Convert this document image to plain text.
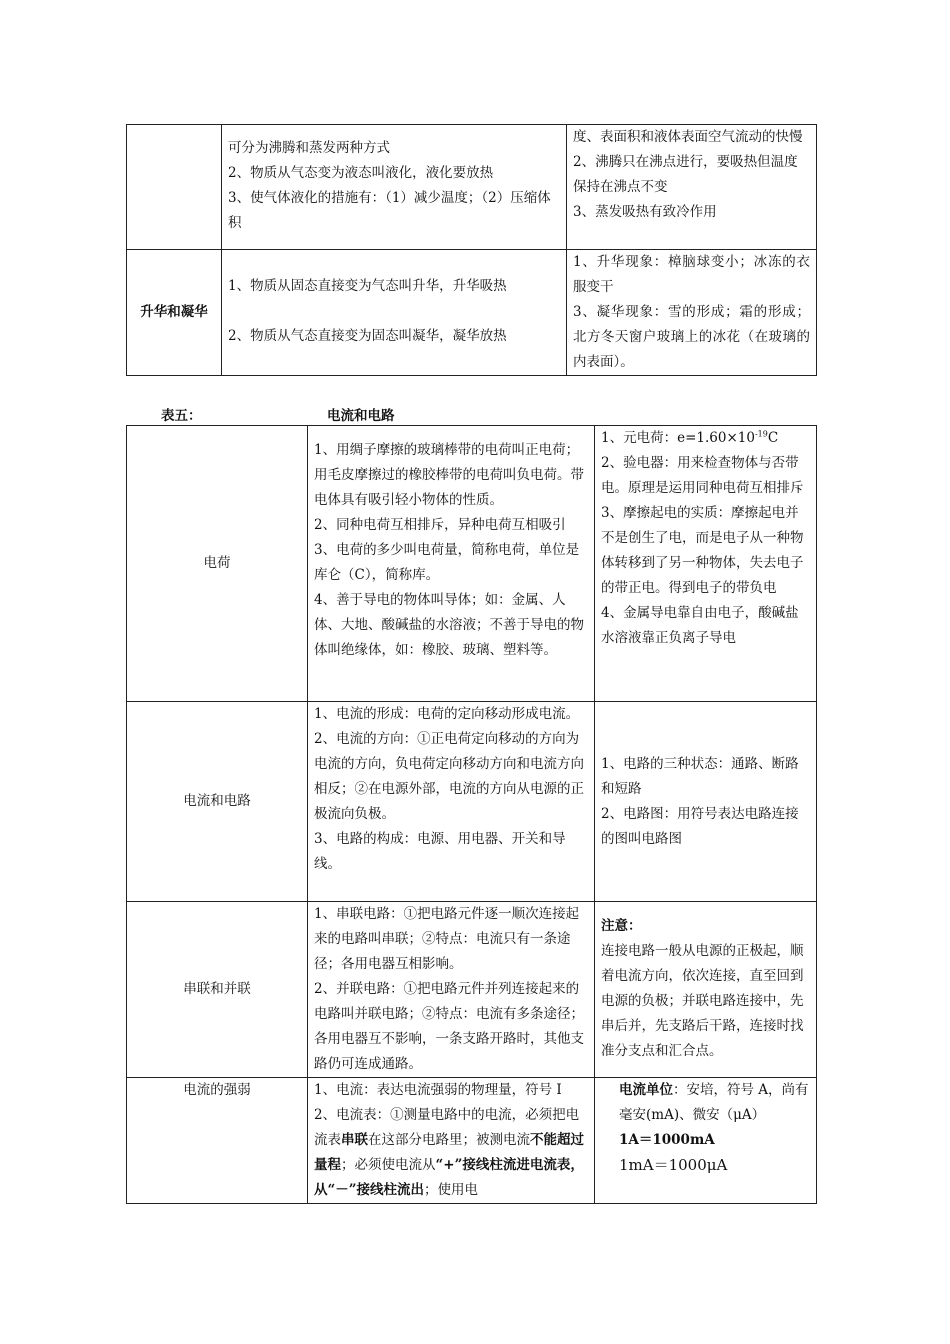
	可分为沸腾和蒸发两种方式
2、物质从气态变为液态叫液化，液化要放热
3、使气体液化的措施有：（1）减少温度；（2）压缩体积	度、表面积和液体表面空气流动的快慢
2、沸腾只在沸点进行，要吸热但温度保持在沸点不变
3、蒸发吸热有致冷作用

升华和凝华	1、物质从固态直接变为气态叫升华，升华吸热
2、物质从气态直接变为固态叫凝华，凝华放热	1、升华现象：樟脑球变小；冰冻的衣服变干
3、凝华现象：雪的形成；霜的形成；北方冬天窗户玻璃上的冰花（在玻璃的内表面）。
表五：	电流和电路
电荷	1、用绸子摩擦的玻璃棒带的电荷叫正电荷；用毛皮摩擦过的橡胶棒带的电荷叫负电荷。带电体具有吸引轻小物体的性质。
2、同种电荷互相排斥，异种电荷互相吸引
3、电荷的多少叫电荷量，简称电荷，单位是库仑（C），简称库。
4、善于导电的物体叫导体；如：金属、人体、大地、酸碱盐的水溶液；不善于导电的物体叫绝缘体，如：橡胶、玻璃、塑料等。	1、元电荷：$e=1.60\times 10^{-19}C$
2、验电器：用来检查物体与否带电。原理是运用同种电荷互相排斥
3、摩擦起电的实质：摩擦起电并不是创生了电，而是电子从一种物体转移到了另一种物体，失去电子的带正电。得到电子的带负电
4、金属导电靠自由电子，酸碱盐水溶液靠正负离子导电

电流和电路	1、电流的形成：电荷的定向移动形成电流。
2、电流的方向：①正电荷定向移动的方向为电流的方向，负电荷定向移动方向和电流方向相反；②在电源外部，电流的方向从电源的正极流向负极。
3、电路的构成：电源、用电器、开关和导线。	1、电路的三种状态：通路、断路和短路
2、电路图：用符号表达电路连接的图叫电路图

串联和并联	1、串联电路：①把电路元件逐一顺次连接起来的电路叫串联；②特点：电流只有一条途径；各用电器互相影响。
2、并联电路：①把电路元件并列连接起来的电路叫并联电路；②特点：电流有多条途径；各用电器互不影响，一条支路开路时，其他支路仍可连成通路。	注意：
连接电路一般从电源的正极起，顺着电流方向，依次连接，直至回到电源的负极；并联电路连接中，先串后并，先支路后干路，连接时找准分支点和汇合点。

电流的强弱	1、电流：表达电流强弱的物理量，符号 I
2、电流表：①测量电路中的电流，必须把电流表串联在这部分电路里；被测电流不能超过量程；必须使电流从“+”接线柱流进电流表，从“－”接线柱流出；使用电	电流单位：安培，符号 A，尚有毫安(mA)、微安（μA）
1A＝1000mA
1mA＝1000μA
